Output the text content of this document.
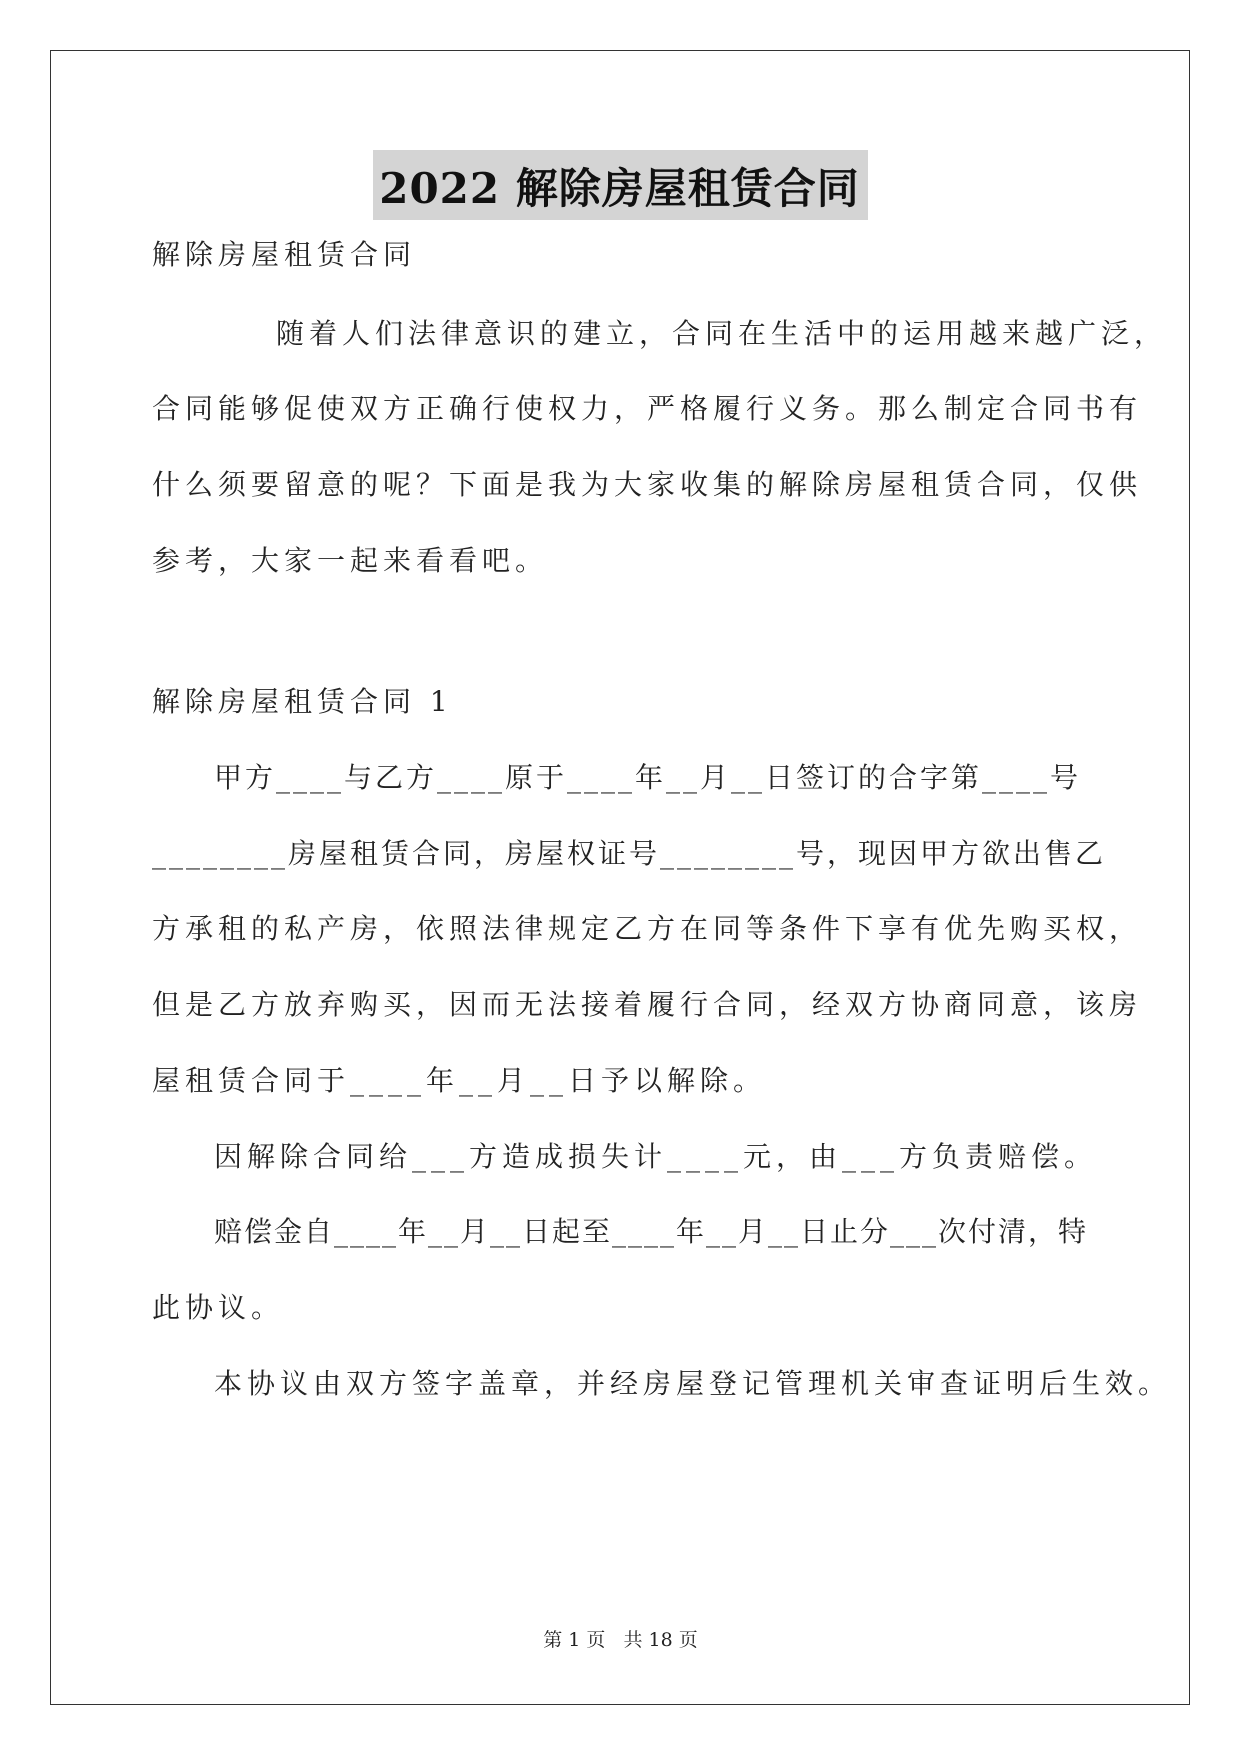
2022 解除房屋租赁合同
解除房屋租赁合同
随着人们法律意识的建立，合同在生活中的运用越来越广泛，
合同能够促使双方正确行使权力，严格履行义务。那么制定合同书有
什么须要留意的呢？下面是我为大家收集的解除房屋租赁合同，仅供
参考，大家一起来看看吧。
解除房屋租赁合同 1
甲方____与乙方____原于____年__月__日签订的合字第____号
________房屋租赁合同，房屋权证号________号，现因甲方欲出售乙
方承租的私产房，依照法律规定乙方在同等条件下享有优先购买权，
但是乙方放弃购买，因而无法接着履行合同，经双方协商同意，该房
屋租赁合同于____年__月__日予以解除。
因解除合同给___方造成损失计____元，由___方负责赔偿。
赔偿金自____年__月__日起至____年__月__日止分___次付清，特
此协议。
本协议由双方签字盖章，并经房屋登记管理机关审查证明后生效。
第 1 页 共 18 页
